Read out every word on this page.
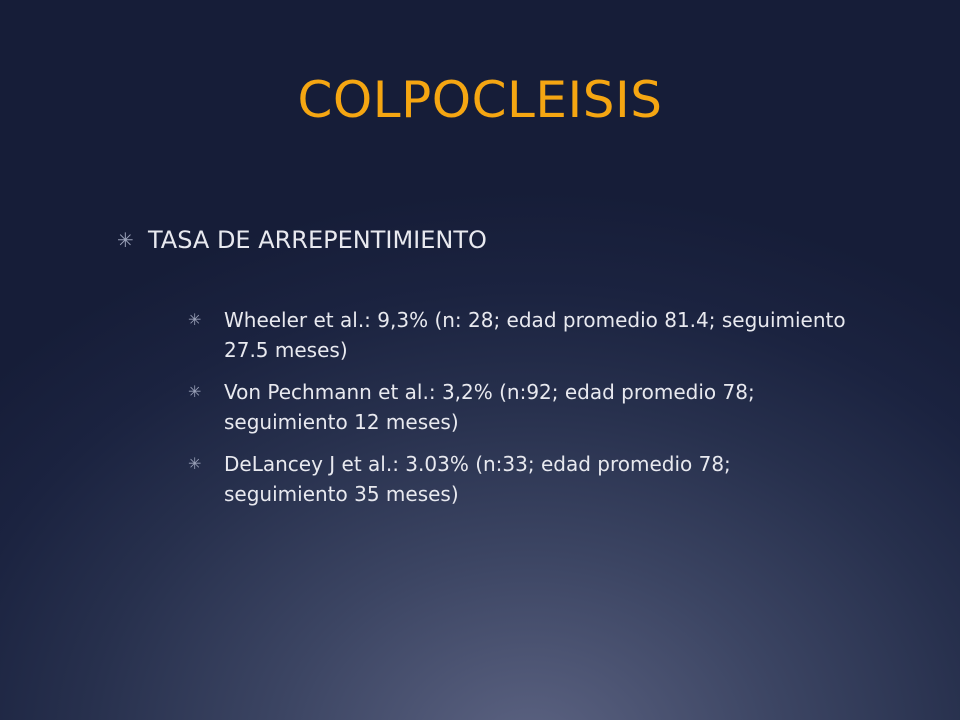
COLPOCLEISIS
✳ TASA DE ARREPENTIMIENTO
✳ Wheeler et al.: 9,3% (n: 28; edad promedio 81.4; seguimiento 27.5 meses)
✳ Von Pechmann et al.: 3,2% (n:92; edad promedio 78; seguimiento 12 meses)
✳ DeLancey J et al.: 3.03% (n:33; edad promedio 78; seguimiento 35 meses)
